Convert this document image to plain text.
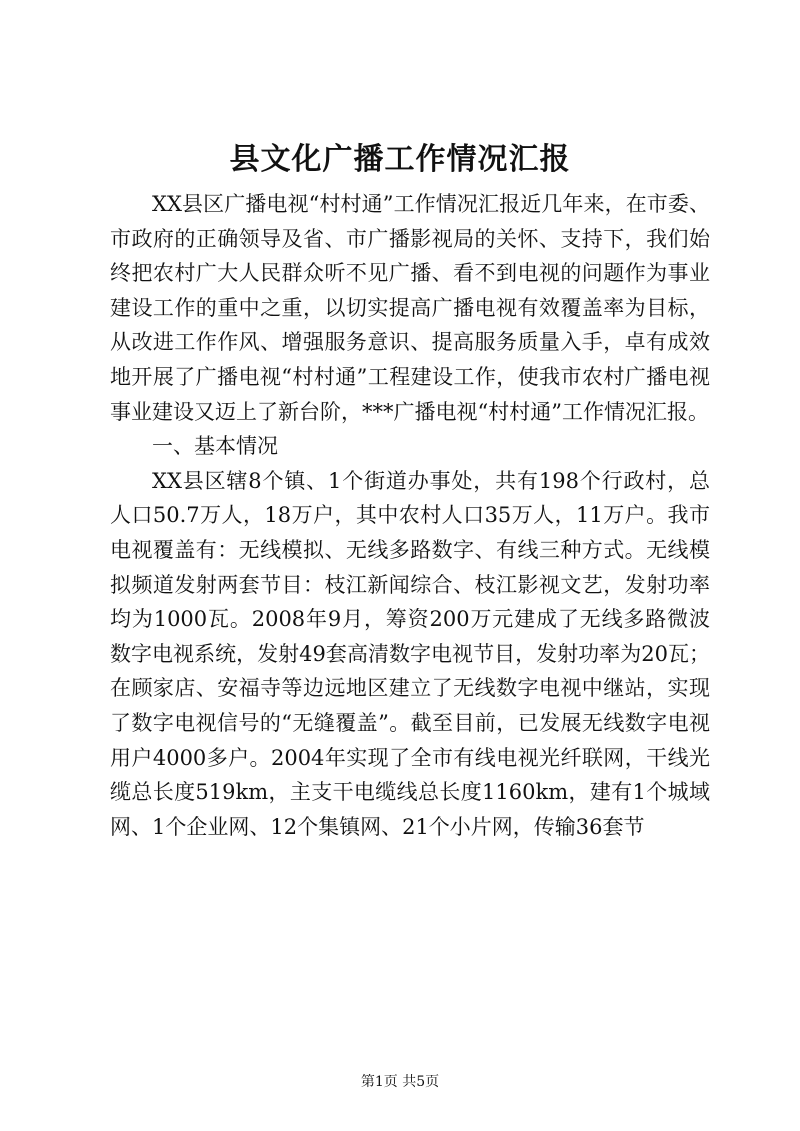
县文化广播工作情况汇报

XX县区广播电视“村村通”工作情况汇报近几年来，在市委、市政府的正确领导及省、市广播影视局的关怀、支持下，我们始终把农村广大人民群众听不见广播、看不到电视的问题作为事业建设工作的重中之重，以切实提高广播电视有效覆盖率为目标，从改进工作作风、增强服务意识、提高服务质量入手，卓有成效地开展了广播电视“村村通”工程建设工作，使我市农村广播电视事业建设又迈上了新台阶，***广播电视“村村通”工作情况汇报。

一、基本情况

XX县区辖8个镇、1个街道办事处，共有198个行政村，总人口50.7万人，18万户，其中农村人口35万人，11万户。我市电视覆盖有：无线模拟、无线多路数字、有线三种方式。无线模拟频道发射两套节目：枝江新闻综合、枝江影视文艺，发射功率均为1000瓦。2008年9月，筹资200万元建成了无线多路微波数字电视系统，发射49套高清数字电视节目，发射功率为20瓦；在顾家店、安福寺等边远地区建立了无线数字电视中继站，实现了数字电视信号的“无缝覆盖”。截至目前，已发展无线数字电视用户4000多户。2004年实现了全市有线电视光纤联网，干线光缆总长度519km，主支干电缆线总长度1160km，建有1个城域网、1个企业网、12个集镇网、21个小片网，传输36套节

第1页 共5页
